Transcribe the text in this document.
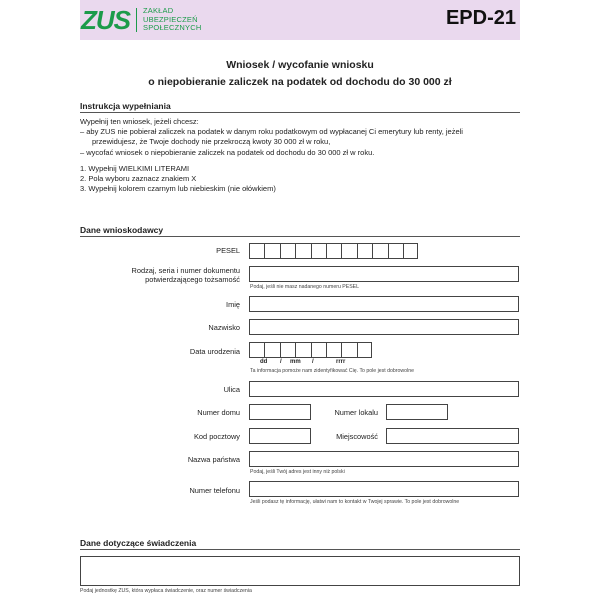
ZUS ZAKŁAD
UBEZPIECZEŃ
SPOŁECZNYCH	EPD-21
Wniosek / wycofanie wniosku
o niepobieranie zaliczek na podatek od dochodu do 30 000 zł
Instrukcja wypełniania
Wypełnij ten wniosek, jeżeli chcesz:
– aby ZUS nie pobierał zaliczek na podatek w danym roku podatkowym od wypłacanej Ci emerytury lub renty, jeżeli
przewidujesz, że Twoje dochody nie przekroczą kwoty 30 000 zł w roku,
– wycofać wniosek o niepobieranie zaliczek na podatek od dochodu do 30 000 zł w roku.
1. Wypełnij WIELKIMI LITERAMI
2. Pola wyboru zaznacz znakiem X
3. Wypełnij kolorem czarnym lub niebieskim (nie ołówkiem)
Dane wnioskodawcy
PESEL
Rodzaj, seria i numer dokumentu
potwierdzającego tożsamość
Podaj, jeśli nie masz nadanego numeru PESEL
Imię
Nazwisko
Data urodzenia
dd / mm /	rrrr
Ta informacja pomoże nam zidentyfikować Cię. To pole jest dobrowolne
Ulica
Numer domu	Numer lokalu
Kod pocztowy	Miejscowość
Nazwa państwa
Podaj, jeśli Twój adres jest inny niż polski
Numer telefonu
Jeśli podasz tę informację, ułatwi nam to kontakt w Twojej sprawie. To pole jest dobrowolne
Dane dotyczące świadczenia
Podaj jednostkę ZUS, która wypłaca świadczenie, oraz numer świadczenia
